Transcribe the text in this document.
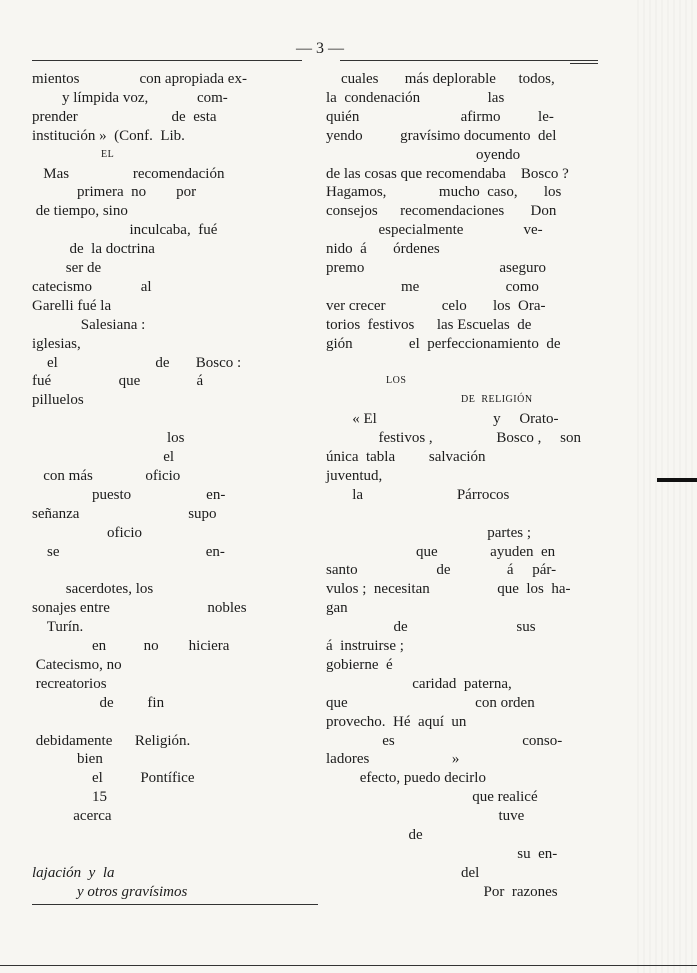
— 3 —
mientos                con apropiada ex-
y límpida voz,             com-
prender                         de  esta
institución »  (Conf.  Lib.
EL
Mas                 recomendación
primera  no        por
de tiempo, sino
inculcaba,  fué
de  la doctrina
ser de
catecismo             al
Garelli fué la
Salesiana :
iglesias,
el                          de       Bosco :
fué                  que               á
pilluelos
los
el
con más              oficio
puesto                    en-
señanza                             supo
oficio
se                                       en-
sacerdotes, los
sonajes entre                          nobles
Turín.
en          no        hiciera
Catecismo, no
recreatorios
de         fin
debidamente      Religión.
bien
el          Pontífice
15
acerca
lajación  y  la
y otros gravísimos
cuales       más deplorable      todos,
la  condenación                  las
quién                           afirmo          le-
yendo          gravísimo documento  del
oyendo
de las cosas que recomendaba    Bosco ?
Hagamos,              mucho  caso,       los
consejos      recomendaciones       Don
especialmente                ve-
nido  á       órdenes
premo                                    aseguro
me                       como
ver crecer               celo       los  Ora-
torios  festivos      las Escuelas  de
gión               el  perfeccionamiento  de
LOS
DE  RELIGIÓN
« El                               y     Orato-
festivos ,                 Bosco ,     son
única  tabla         salvación
juventud,
la                         Párrocos
partes ;
que              ayuden  en
santo                     de               á     pár-
vulos ;  necesitan                  que  los  ha-
gan
de                             sus
á  instruirse ;
gobierne  é
caridad  paterna,
que                                  con orden
provecho.  Hé  aquí  un
es                                  conso-
ladores                      »
efecto, puedo decirlo
que realicé
tuve
de
su  en-
del
Por  razones
